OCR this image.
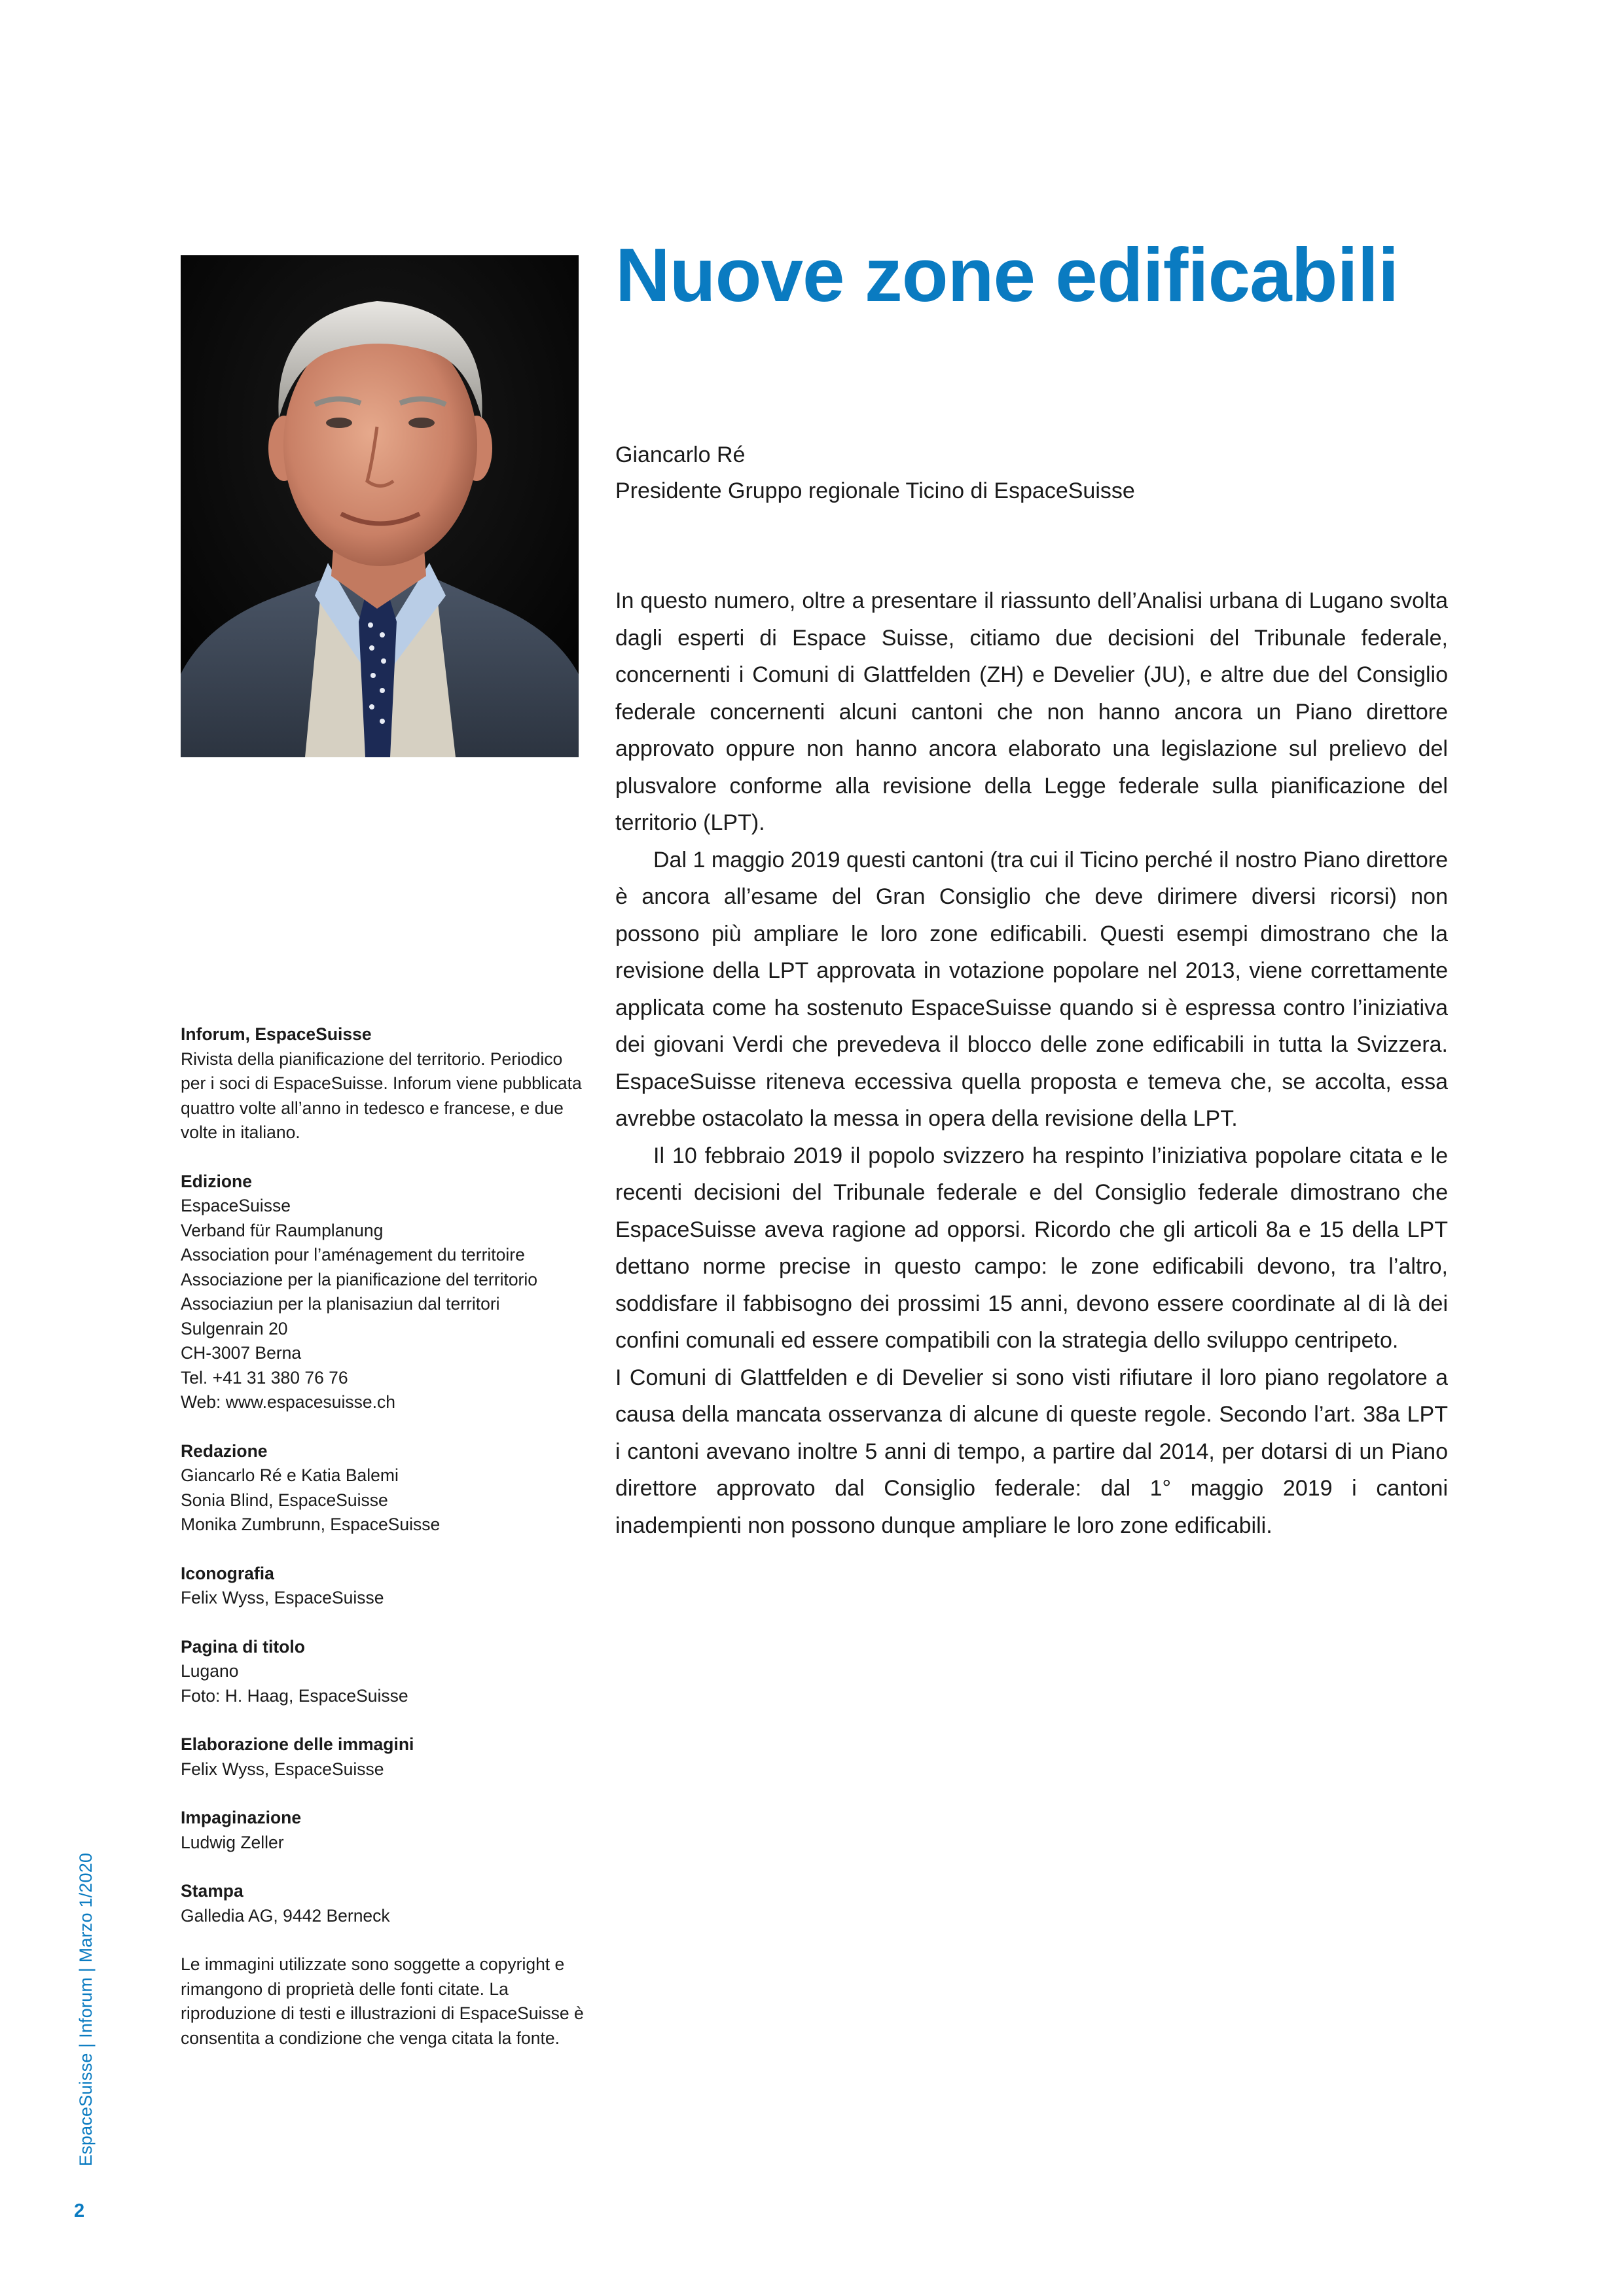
Nuove zone edificabili
Giancarlo Ré
Presidente Gruppo regionale Ticino di EspaceSuisse

In questo numero, oltre a presentare il riassunto dell’Analisi urbana di Lugano svolta dagli esperti di Espace Suisse, citiamo due decisioni del Tribunale federale, concernenti i Comuni di Glattfelden (ZH) e Develier (JU), e altre due del Consiglio federale concernenti alcuni cantoni che non hanno ancora un Piano direttore approvato oppure non hanno ancora elaborato una legislazione sul prelievo del plusvalore conforme alla revisione della Legge federale sulla pianificazione del territorio (LPT).

Dal 1 maggio 2019 questi cantoni (tra cui il Ticino perché il nostro Piano direttore è ancora all’esame del Gran Consiglio che deve dirimere diversi ricorsi) non possono più ampliare le loro zone edificabili. Questi esempi dimostrano che la revisione della LPT approvata in votazione popolare nel 2013, viene correttamente applicata come ha sostenuto EspaceSuisse quando si è espressa contro l’iniziativa dei giovani Verdi che prevedeva il blocco delle zone edificabili in tutta la Svizzera. EspaceSuisse riteneva eccessiva quella proposta e temeva che, se accolta, essa avrebbe ostacolato la messa in opera della revisione della LPT.

Il 10 febbraio 2019 il popolo svizzero ha respinto l’iniziativa popolare citata e le recenti decisioni del Tribunale federale e del Consiglio federale dimostrano che EspaceSuisse aveva ragione ad opporsi. Ricordo che gli articoli 8a e 15 della LPT dettano norme precise in questo campo: le zone edificabili devono, tra l’altro, soddisfare il fabbisogno dei prossimi 15 anni, devono essere coordinate al di là dei confini comunali ed essere compatibili con la strategia dello sviluppo centripeto.

I Comuni di Glattfelden e di Develier si sono visti rifiutare il loro piano regolatore a causa della mancata osservanza di alcune di queste regole. Secondo l’art. 38a LPT i cantoni avevano inoltre 5 anni di tempo, a partire dal 2014, per dotarsi di un Piano direttore approvato dal Consiglio federale: dal 1° maggio 2019 i cantoni inadempienti non possono dunque ampliare le loro zone edificabili.

Inforum, EspaceSuisse
Rivista della pianificazione del territorio. Periodico per i soci di EspaceSuisse. Inforum viene pubblicata quattro volte all’anno in tedesco e francese, e due volte in italiano.
Edizione
EspaceSuisse
Verband für Raumplanung
Association pour l’aménagement du territoire
Associazione per la pianificazione del territorio
Associaziun per la planisaziun dal territori
Sulgenrain 20
CH-3007 Berna
Tel. +41 31 380 76 76
Web: www.espacesuisse.ch
Redazione
Giancarlo Ré e Katia Balemi
Sonia Blind, EspaceSuisse
Monika Zumbrunn, EspaceSuisse
Iconografia
Felix Wyss, EspaceSuisse
Pagina di titolo
Lugano
Foto: H. Haag, EspaceSuisse
Elaborazione delle immagini
Felix Wyss, EspaceSuisse
Impaginazione
Ludwig Zeller
Stampa
Galledia AG, 9442 Berneck
Le immagini utilizzate sono soggette a copyright e rimangono di proprietà delle fonti citate. La riproduzione di testi e illustrazioni di EspaceSuisse è consentita a condizione che venga citata la fonte.
EspaceSuisse | Inforum | Marzo 1/2020
2
